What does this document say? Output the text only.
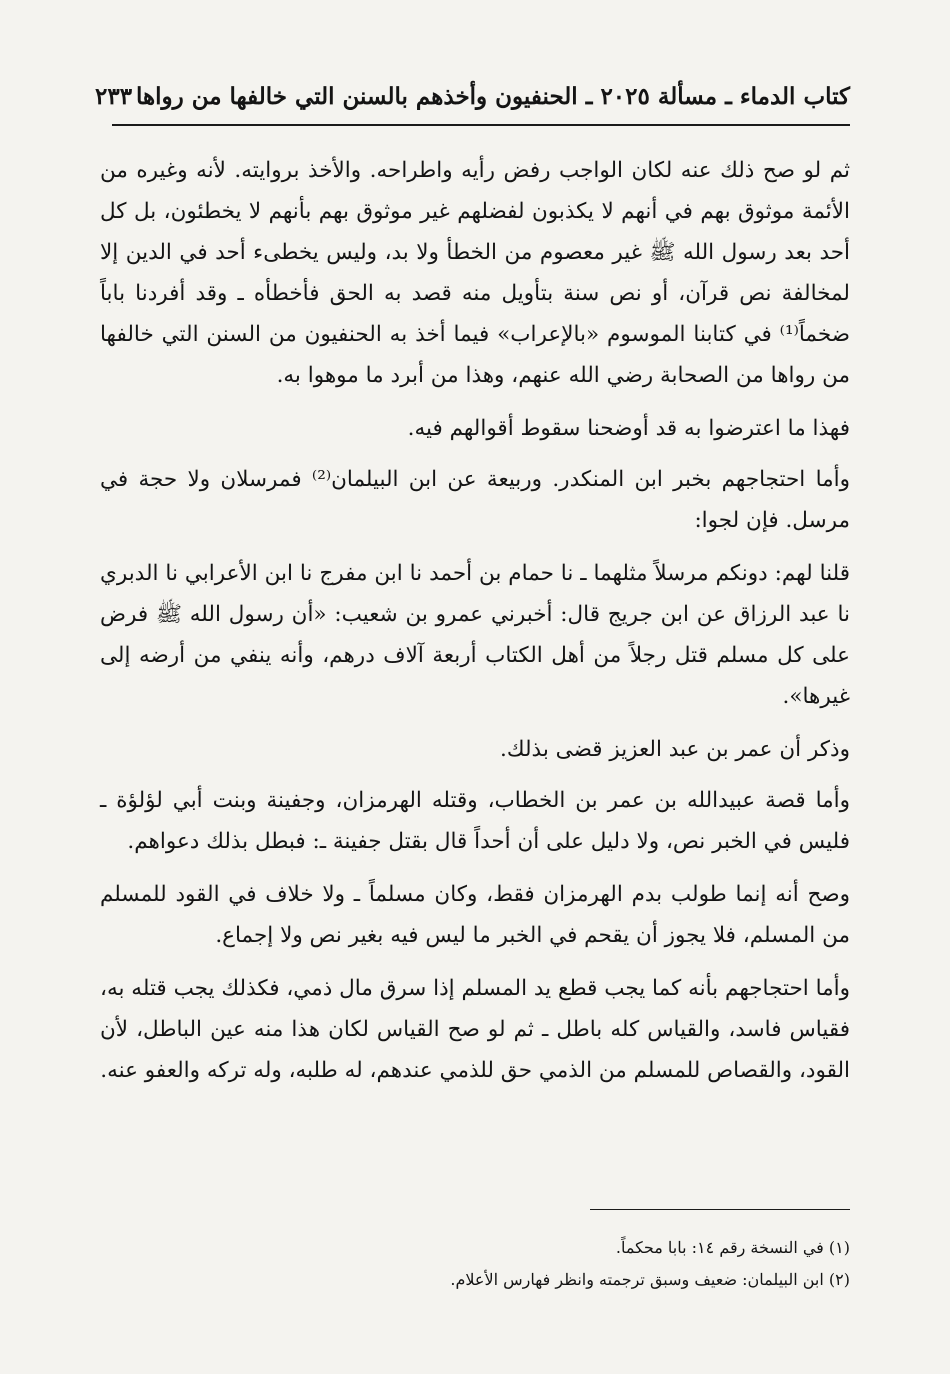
كتاب الدماء ـ مسألة ٢٠٢٥ ـ الحنفيون وأخذهم بالسنن التي خالفها من رواها
٢٣٣

ثم لو صح ذلك عنه لكان الواجب رفض رأيه واطراحه. والأخذ بروايته. لأنه وغيره من الأئمة موثوق بهم في أنهم لا يكذبون لفضلهم غير موثوق بهم بأنهم لا يخطئون، بل كل أحد بعد رسول الله ﷺ غير معصوم من الخطأ ولا بد، وليس يخطىء أحد في الدين إلا لمخالفة نص قرآن، أو نص سنة بتأويل منه قصد به الحق فأخطأه ـ وقد أفردنا باباً ضخماً⁽¹⁾ في كتابنا الموسوم «بالإعراب» فيما أخذ به الحنفيون من السنن التي خالفها من رواها من الصحابة رضي الله عنهم، وهذا من أبرد ما موهوا به.

فهذا ما اعترضوا به قد أوضحنا سقوط أقوالهم فيه.

وأما احتجاجهم بخبر ابن المنكدر. وربيعة عن ابن البيلمان⁽²⁾ فمرسلان ولا حجة في مرسل. فإن لجوا:

قلنا لهم: دونكم مرسلاً مثلهما ـ نا حمام بن أحمد نا ابن مفرج نا ابن الأعرابي نا الدبري نا عبد الرزاق عن ابن جريج قال: أخبرني عمرو بن شعيب: «أن رسول الله ﷺ فرض على كل مسلم قتل رجلاً من أهل الكتاب أربعة آلاف درهم، وأنه ينفي من أرضه إلى غيرها».

وذكر أن عمر بن عبد العزيز قضى بذلك.

وأما قصة عبيدالله بن عمر بن الخطاب، وقتله الهرمزان، وجفينة وبنت أبي لؤلؤة ـ فليس في الخبر نص، ولا دليل على أن أحداً قال بقتل جفينة ـ: فبطل بذلك دعواهم.

وصح أنه إنما طولب بدم الهرمزان فقط، وكان مسلماً ـ ولا خلاف في القود للمسلم من المسلم، فلا يجوز أن يقحم في الخبر ما ليس فيه بغير نص ولا إجماع.

وأما احتجاجهم بأنه كما يجب قطع يد المسلم إذا سرق مال ذمي، فكذلك يجب قتله به، فقياس فاسد، والقياس كله باطل ـ ثم لو صح القياس لكان هذا منه عين الباطل، لأن القود، والقصاص للمسلم من الذمي حق للذمي عندهم، له طلبه، وله تركه والعفو عنه.

(١) في النسخة رقم ١٤: بابا محكماً.

(٢) ابن البيلمان: ضعيف وسبق ترجمته وانظر فهارس الأعلام.
